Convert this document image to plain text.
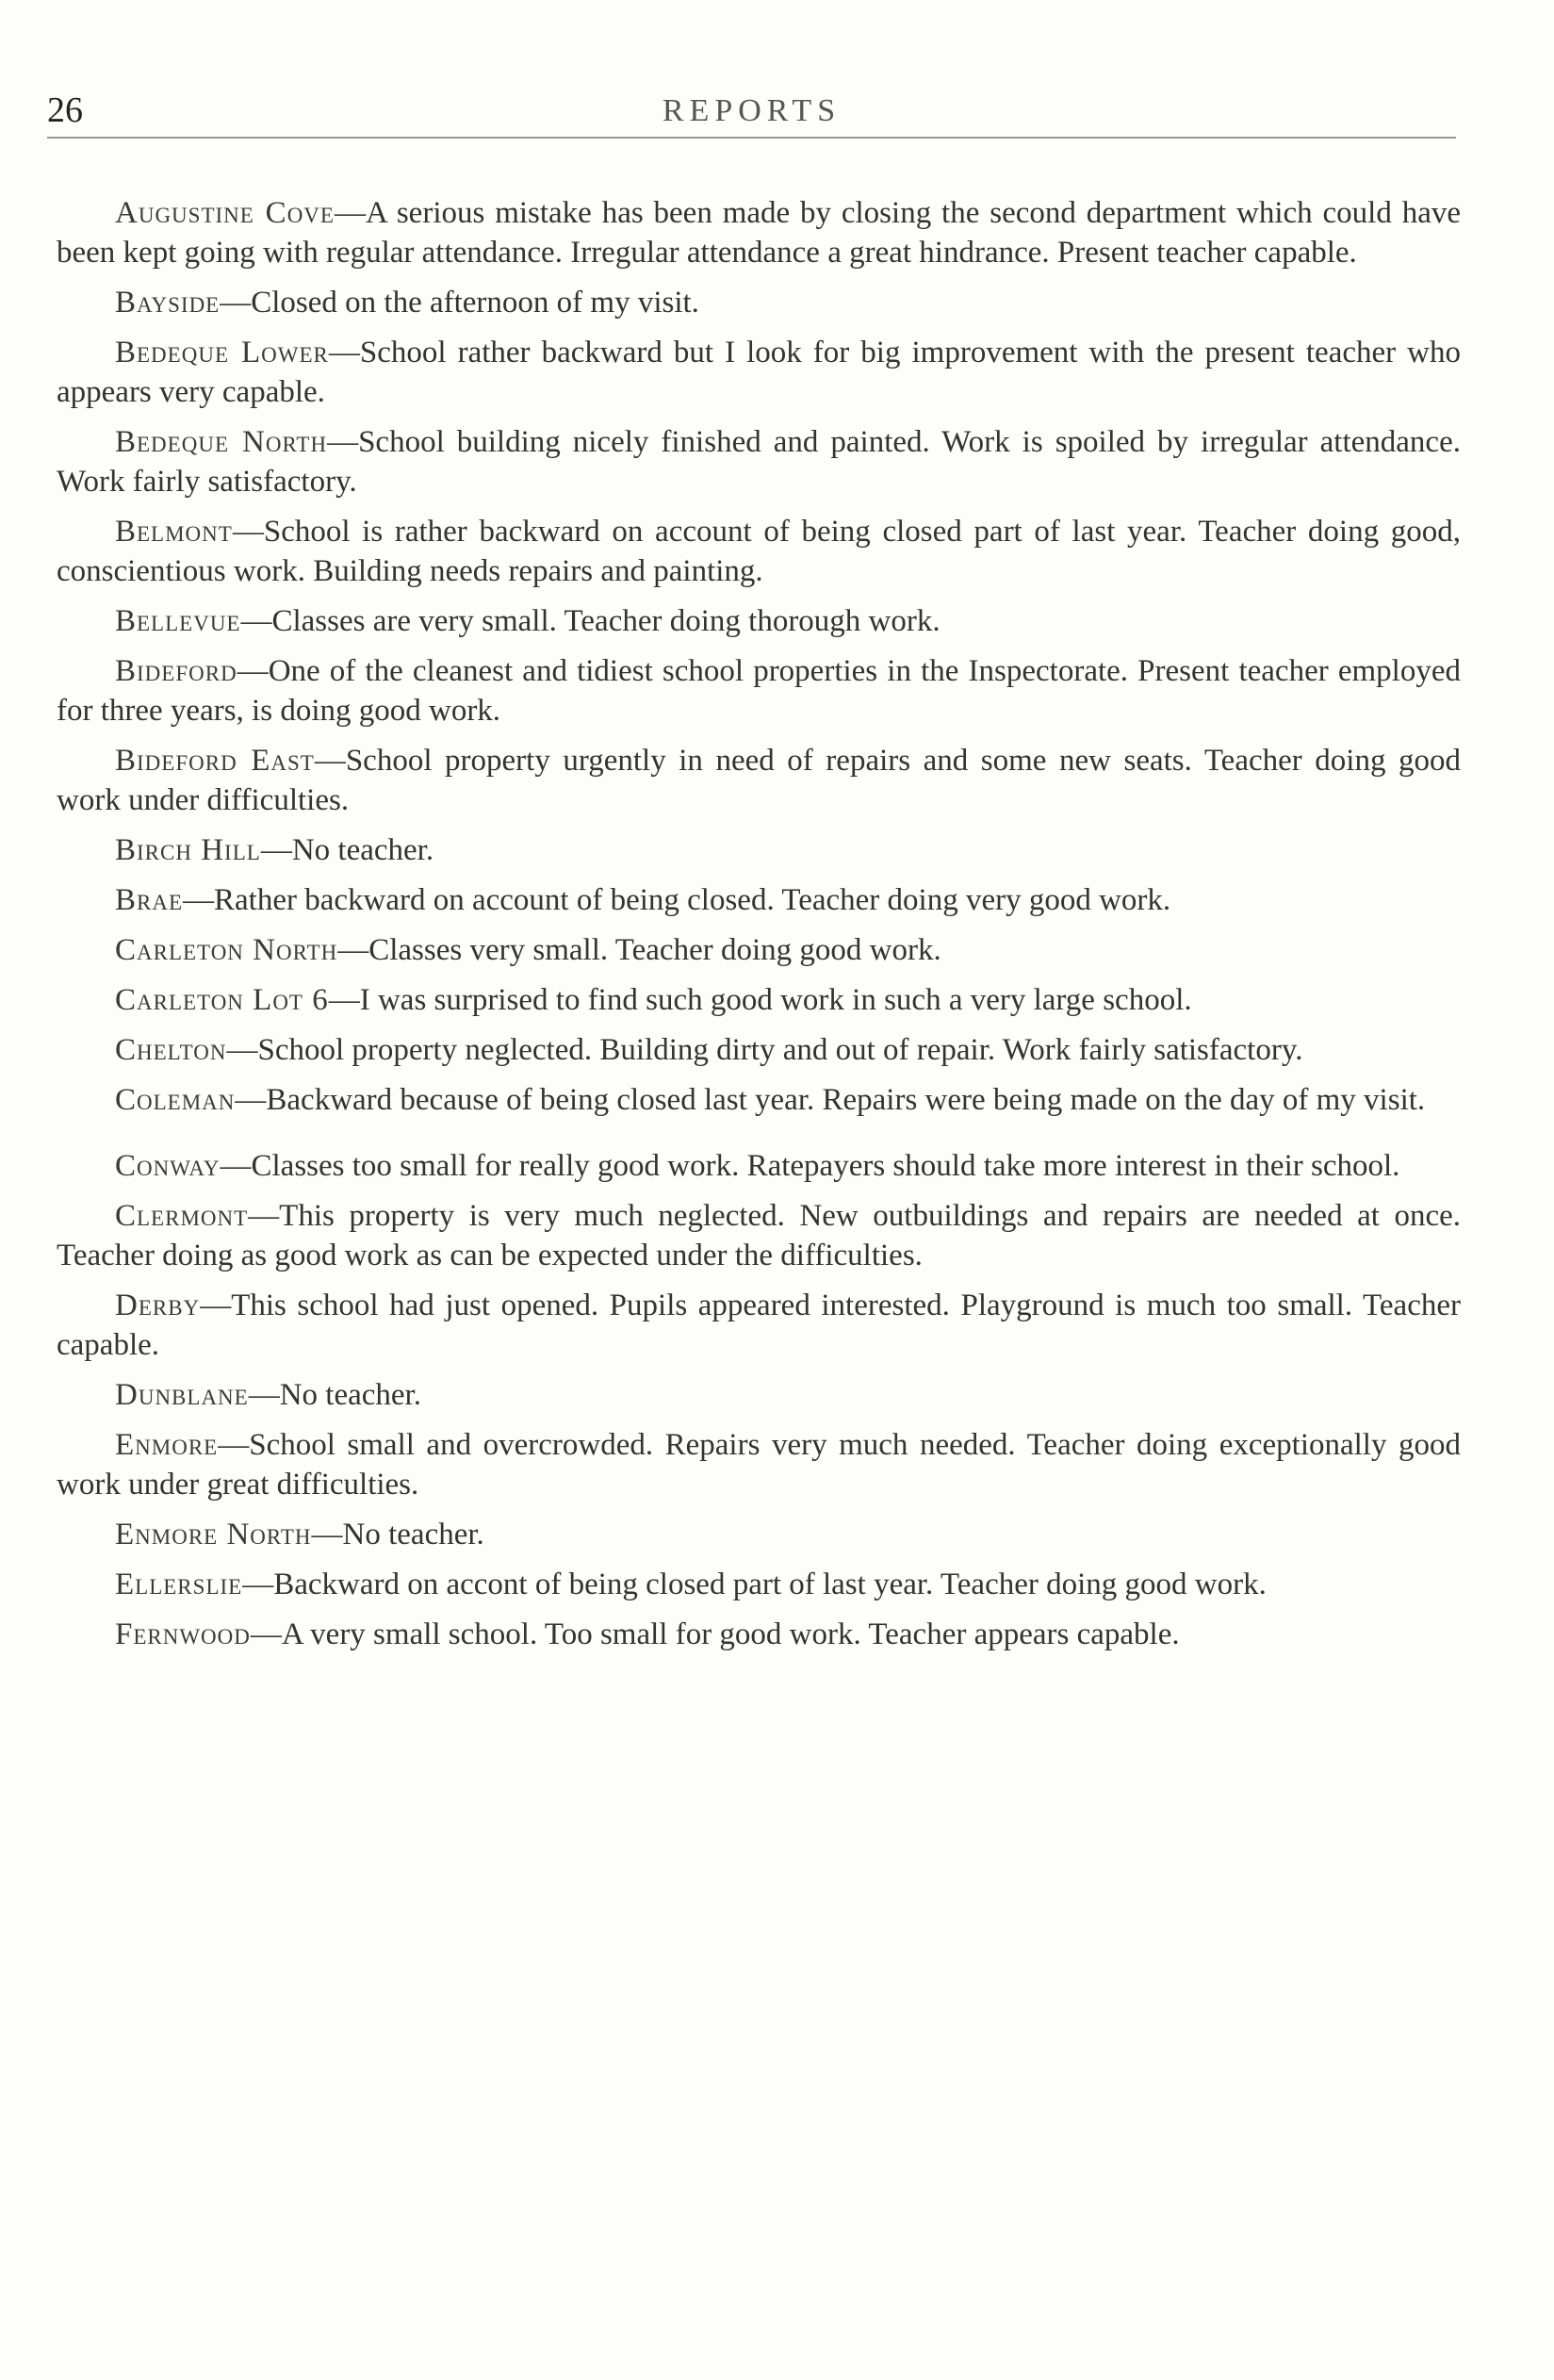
26	REPORTS

Augustine Cove—A serious mistake has been made by closing the second department which could have been kept going with regular attendance. Irregular attendance a great hindrance. Present teacher capable.

Bayside—Closed on the afternoon of my visit.

Bedeque Lower—School rather backward but I look for big improvement with the present teacher who appears very capable.

Bedeque North—School building nicely finished and painted. Work is spoiled by irregular attendance. Work fairly satisfactory.

Belmont—School is rather backward on account of being closed part of last year. Teacher doing good, conscientious work. Building needs repairs and painting.

Bellevue—Classes are very small. Teacher doing thorough work.

Bideford—One of the cleanest and tidiest school properties in the Inspectorate. Present teacher employed for three years, is doing good work.

Bideford East—School property urgently in need of repairs and some new seats. Teacher doing good work under difficulties.

Birch Hill—No teacher.

Brae—Rather backward on account of being closed. Teacher doing very good work.

Carleton North—Classes very small. Teacher doing good work.

Carleton Lot 6—I was surprised to find such good work in such a very large school.

Chelton—School property neglected. Building dirty and out of repair. Work fairly satisfactory.

Coleman—Backward because of being closed last year. Repairs were being made on the day of my visit.

Conway—Classes too small for really good work. Ratepayers should take more interest in their school.

Clermont—This property is very much neglected. New outbuildings and repairs are needed at once. Teacher doing as good work as can be expected under the difficulties.

Derby—This school had just opened. Pupils appeared interested. Playground is much too small. Teacher capable.

Dunblane—No teacher.

Enmore—School small and overcrowded. Repairs very much needed. Teacher doing exceptionally good work under great difficulties.

Enmore North—No teacher.

Ellerslie—Backward on accont of being closed part of last year. Teacher doing good work.

Fernwood—A very small school. Too small for good work. Teacher appears capable.
